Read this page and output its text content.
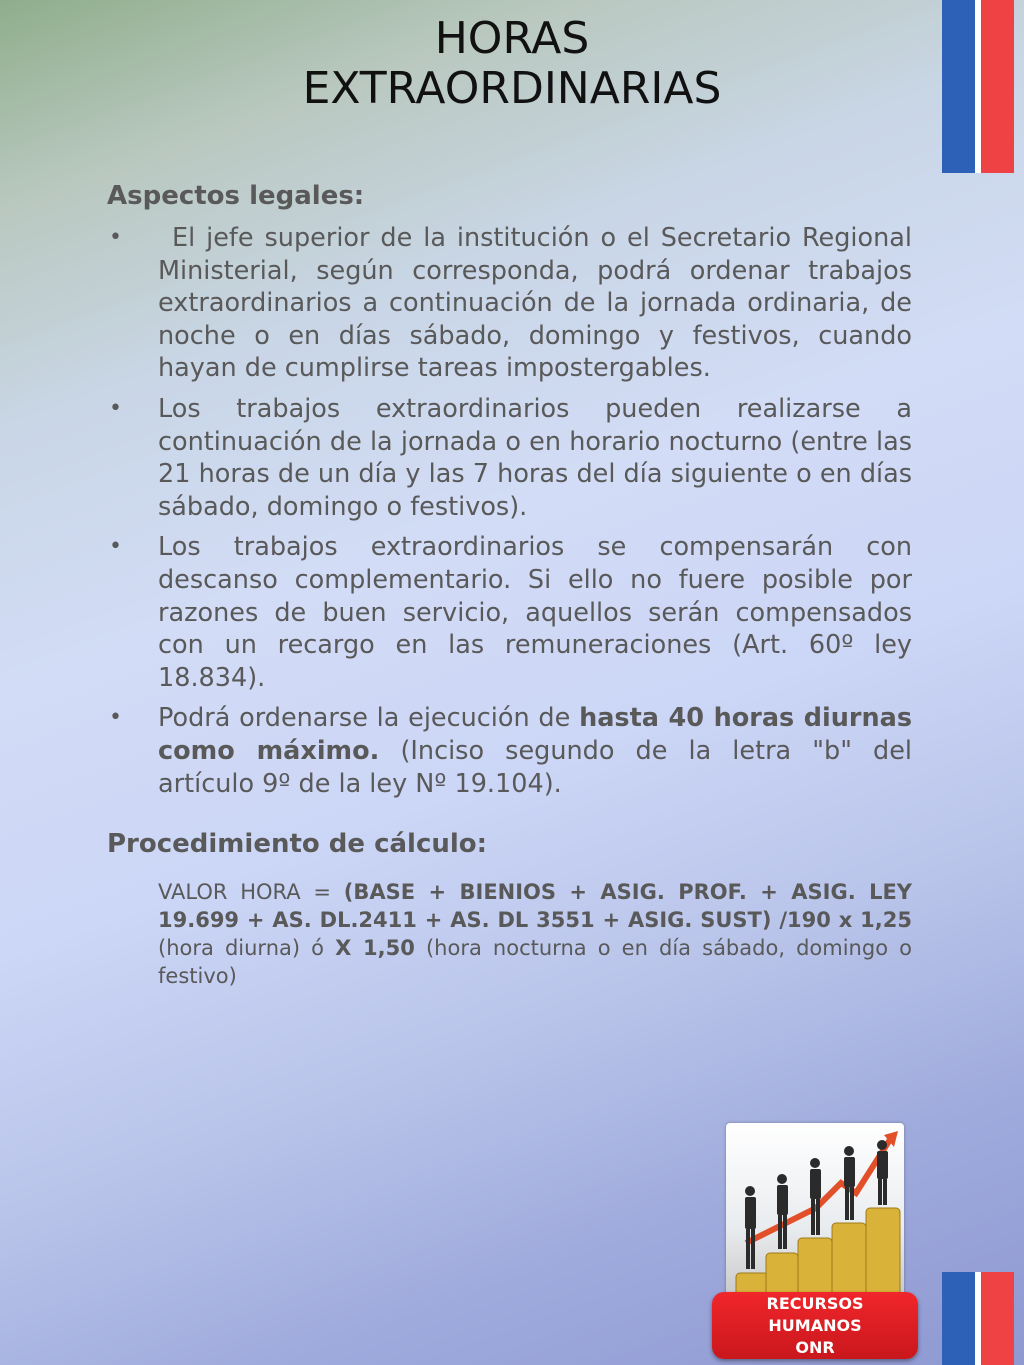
HORAS
EXTRAORDINARIAS
Aspectos legales:
• El jefe superior de la institución o el Secretario Regional Ministerial, según corresponda, podrá ordenar trabajos extraordinarios a continuación de la jornada ordinaria, de noche o en días sábado, domingo y festivos, cuando hayan de cumplirse tareas impostergables.
• Los trabajos extraordinarios pueden realizarse a continuación de la jornada o en horario nocturno (entre las 21 horas de un día y las 7 horas del día siguiente o en días sábado, domingo o festivos).
• Los trabajos extraordinarios se compensarán con descanso complementario. Si ello no fuere posible por razones de buen servicio, aquellos serán compensados con un recargo en las remuneraciones (Art. 60º ley 18.834).
• Podrá ordenarse la ejecución de hasta 40 horas diurnas como máximo. (Inciso segundo de la letra "b" del artículo 9º de la ley Nº 19.104).
Procedimiento de cálculo:
VALOR HORA = (BASE + BIENIOS + ASIG. PROF. + ASIG. LEY 19.699 + AS. DL.2411 + AS. DL 3551 + ASIG. SUST) /190 x 1,25 (hora diurna) ó X 1,50 (hora nocturna o en día sábado, domingo o festivo)
RECURSOS
HUMANOS
ONR
